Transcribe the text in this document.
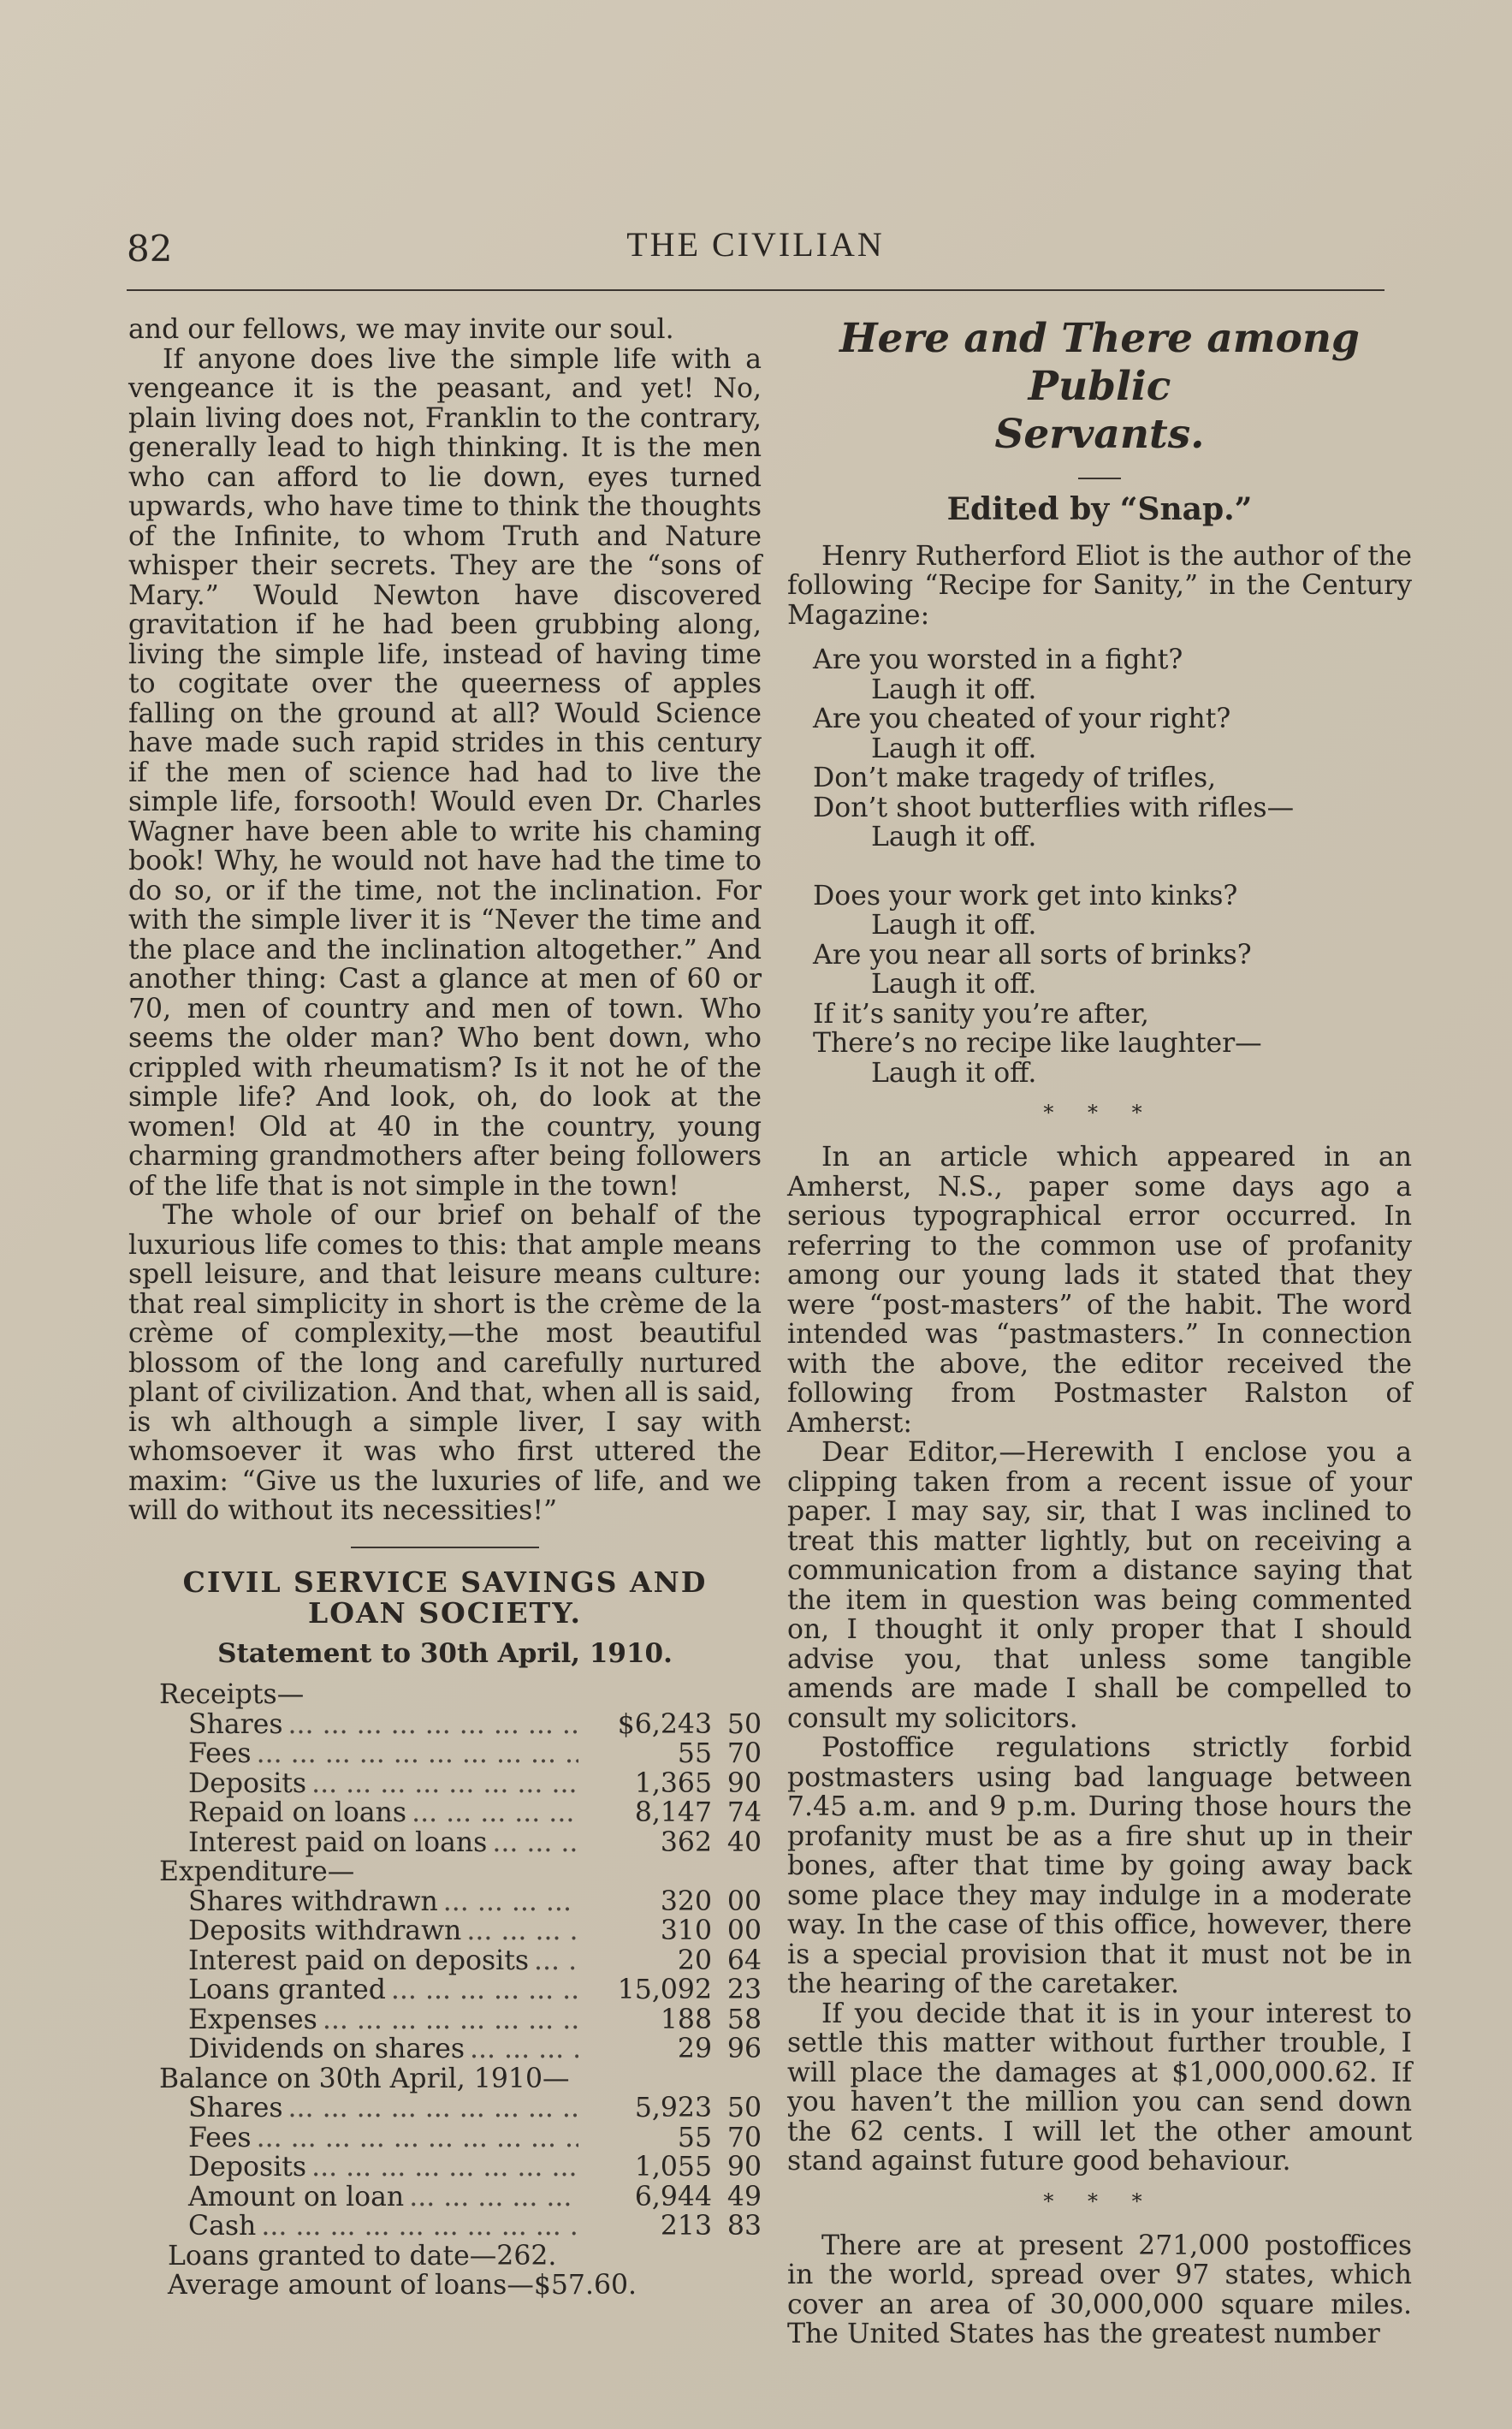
82	THE CIVILIAN

and our fellows, we may invite our soul.

If anyone does live the simple life with a vengeance it is the peasant, and yet! No, plain living does not, Franklin to the contrary, generally lead to high thinking. It is the men who can afford to lie down, eyes turned upwards, who have time to think the thoughts of the Infinite, to whom Truth and Nature whisper their secrets. They are the “sons of Mary.” Would Newton have discovered gravitation if he had been grubbing along, living the simple life, instead of having time to cogitate over the queerness of apples falling on the ground at all? Would Science have made such rapid strides in this century if the men of science had had to live the simple life, forsooth! Would even Dr. Charles Wagner have been able to write his chaming book! Why, he would not have had the time to do so, or if the time, not the inclination. For with the simple liver it is “Never the time and the place and the inclination altogether.” And another thing: Cast a glance at men of 60 or 70, men of country and men of town. Who seems the older man? Who bent down, who crippled with rheumatism? Is it not he of the simple life? And look, oh, do look at the women! Old at 40 in the country, young charming grandmothers after being followers of the life that is not simple in the town!

The whole of our brief on behalf of the luxurious life comes to this: that ample means spell leisure, and that leisure means culture: that real simplicity in short is the crème de la crème of complexity,—the most beautiful blossom of the long and carefully nurtured plant of civilization. And that, when all is said, is wh although a simple liver, I say with whomsoever it was who first uttered the maxim: “Give us the luxuries of life, and we will do without its necessities!”

CIVIL SERVICE SAVINGS AND LOAN SOCIETY.
Statement to 30th April, 1910.
Receipts—
Shares ... .	$6,243 50
Fees ... .	55 70
Deposits ... .	1,365 90
Repaid on loans ... .	8,147 74
Interest paid on loans ... .	362 40
Expenditure—
Shares withdrawn ... .	320 00
Deposits withdrawn ... .	310 00
Interest paid on deposits ... .	20 64
Loans granted ... .	15,092 23
Expenses ... .	188 58
Dividends on shares ... .	29 96
Balance on 30th April, 1910—
Shares ... .	5,923 50
Fees ... .	55 70
Deposits ... .	1,055 90
Amount on loan ... .	6,944 49
Cash ... .	213 83
Loans granted to date—262.
Average amount of loans—$57.60.
Here and There among Public
Servants.
Edited by “Snap.”

Henry Rutherford Eliot is the author of the following “Recipe for Sanity,” in the Century Magazine:

Are you worsted in a fight?
Laugh it off.
Are you cheated of your right?
Laugh it off.
Don’t make tragedy of trifles,
Don’t shoot butterflies with rifles—
Laugh it off.
Does your work get into kinks?
Laugh it off.
Are you near all sorts of brinks?
Laugh it off.
If it’s sanity you’re after,
There’s no recipe like laughter—
Laugh it off.
* * *

In an article which appeared in an Amherst, N.S., paper some days ago a serious typographical error occurred. In referring to the common use of profanity among our young lads it stated that they were “post-masters” of the habit. The word intended was “pastmasters.” In connection with the above, the editor received the following from Postmaster Ralston of Amherst:

Dear Editor,—Herewith I enclose you a clipping taken from a recent issue of your paper. I may say, sir, that I was inclined to treat this matter lightly, but on receiving a communication from a distance saying that the item in question was being commented on, I thought it only proper that I should advise you, that unless some tangible amends are made I shall be compelled to consult my solicitors.

Postoffice regulations strictly forbid postmasters using bad language between 7.45 a.m. and 9 p.m. During those hours the profanity must be as a fire shut up in their bones, after that time by going away back some place they may indulge in a moderate way. In the case of this office, however, there is a special provision that it must not be in the hearing of the caretaker.

If you decide that it is in your interest to settle this matter without further trouble, I will place the damages at $1,000,000.62. If you haven’t the million you can send down the 62 cents. I will let the other amount stand against future good behaviour.

* * *

There are at present 271,000 postoffices in the world, spread over 97 states, which cover an area of 30,000,000 square miles. The United States has the greatest number
